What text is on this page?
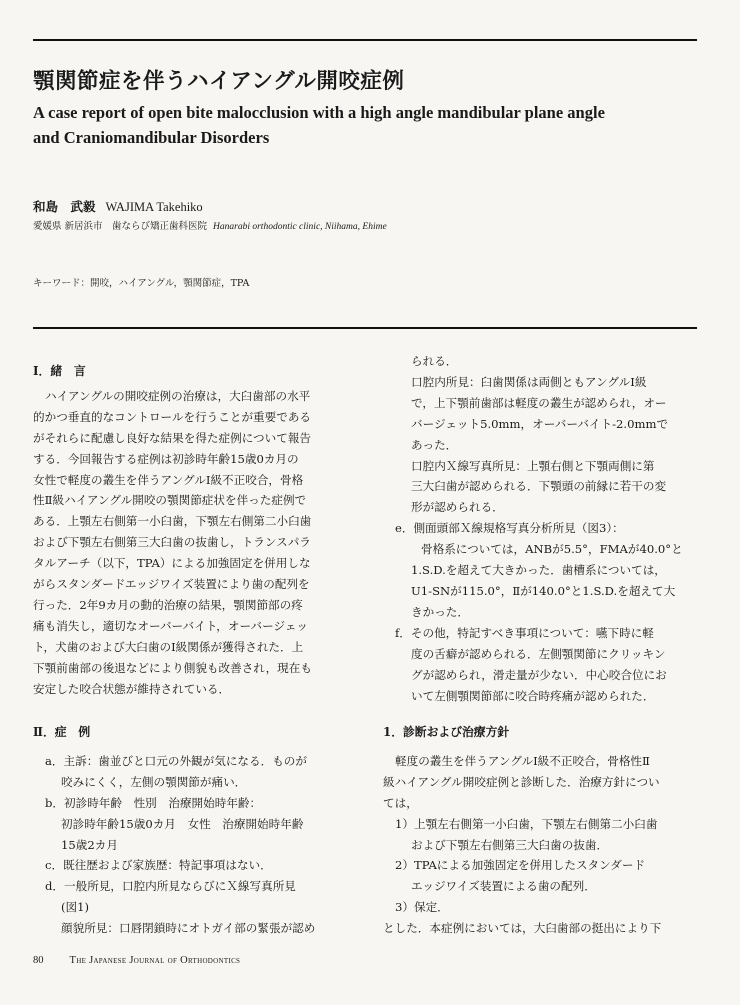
顎関節症を伴うハイアングル開咬症例
A case report of open bite malocclusion with a high angle mandibular plane angle
and Craniomandibular Disorders
和島　武毅 WAJIMA Takehiko
愛媛県 新居浜市　歯ならび矯正歯科医院 Hanarabi orthodontic clinic, Niihama, Ehime
キーワード：開咬，ハイアングル，顎関節症，TPA
Ⅰ．緒　言
ハイアングルの開咬症例の治療は，大臼歯部の水平
的かつ垂直的なコントロールを行うことが重要である
がそれらに配慮し良好な結果を得た症例について報告
する．今回報告する症例は初診時年齢15歳0カ月の
女性で軽度の叢生を伴うアングルⅠ級不正咬合，骨格
性Ⅱ級ハイアングル開咬の顎関節症状を伴った症例で
ある．上顎左右側第一小臼歯，下顎左右側第二小臼歯
および下顎左右側第三大臼歯の抜歯し，トランスパラ
タルアーチ（以下，TPA）による加強固定を併用しな
がらスタンダードエッジワイズ装置により歯の配列を
行った．2年9カ月の動的治療の結果，顎関節部の疼
痛も消失し，適切なオーバーバイト，オーバージェッ
ト，犬歯のおよび大臼歯のⅠ級関係が獲得された．上
下顎前歯部の後退などにより側貌も改善され，現在も
安定した咬合状態が維持されている．
Ⅱ．症　例
a．主訴：歯並びと口元の外観が気になる．ものが
咬みにくく，左側の顎関節が痛い．
b．初診時年齢　性別　治療開始時年齢：
初診時年齢15歳0カ月　女性　治療開始時年齢
15歳2カ月
c．既往歴および家族歴：特記事項はない．
d．一般所見，口腔内所見ならびにＸ線写真所見
(図1)
顔貌所見：口唇閉鎖時にオトガイ部の緊張が認め
られる．
口腔内所見：臼歯関係は両側ともアングルⅠ級
で，上下顎前歯部は軽度の叢生が認められ，オー
バージェット5.0mm，オーバーバイト-2.0mmで
あった．
口腔内Ｘ線写真所見：上顎右側と下顎両側に第
三大臼歯が認められる．下顎頭の前縁に若干の変
形が認められる．
e．側面頭部Ｘ線規格写真分析所見（図3）：
骨格系については，ANBが5.5°，FMAが40.0°と
1.S.D.を超えて大きかった．歯槽系については，
U1-SNが115.0°，Ⅱが140.0°と1.S.D.を超えて大
きかった．
f．その他，特記すべき事項について：嚥下時に軽
度の舌癖が認められる．左側顎関節にクリッキン
グが認められ，滑走量が少ない．中心咬合位にお
いて左側顎関節部に咬合時疼痛が認められた．
1．診断および治療方針
軽度の叢生を伴うアングルⅠ級不正咬合，骨格性Ⅱ
級ハイアングル開咬症例と診断した．治療方針につい
ては，
1）上顎左右側第一小臼歯，下顎左右側第二小臼歯
および下顎左右側第三大臼歯の抜歯．
2）TPAによる加強固定を併用したスタンダード
エッジワイズ装置による歯の配列．
3）保定．
とした．本症例においては，大臼歯部の挺出により下
80 The Japanese Journal of Orthodontics
